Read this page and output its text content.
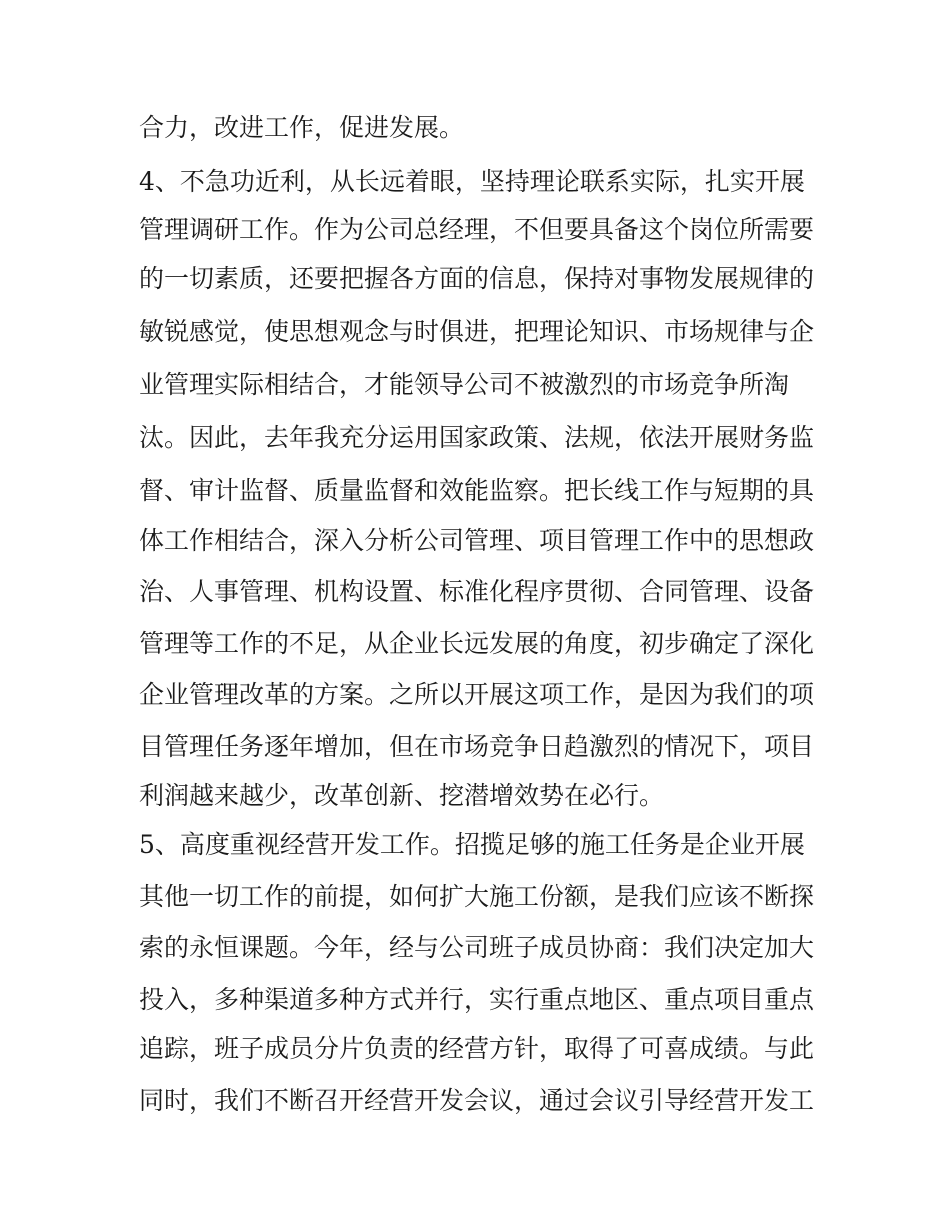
合力，改进工作，促进发展。
4、不急功近利，从长远着眼，坚持理论联系实际，扎实开展
管理调研工作。作为公司总经理，不但要具备这个岗位所需要
的一切素质，还要把握各方面的信息，保持对事物发展规律的
敏锐感觉，使思想观念与时俱进，把理论知识、市场规律与企
业管理实际相结合，才能领导公司不被激烈的市场竞争所淘
汰。因此，去年我充分运用国家政策、法规，依法开展财务监
督、审计监督、质量监督和效能监察。把长线工作与短期的具
体工作相结合，深入分析公司管理、项目管理工作中的思想政
治、人事管理、机构设置、标准化程序贯彻、合同管理、设备
管理等工作的不足，从企业长远发展的角度，初步确定了深化
企业管理改革的方案。之所以开展这项工作，是因为我们的项
目管理任务逐年增加，但在市场竞争日趋激烈的情况下，项目
利润越来越少，改革创新、挖潜增效势在必行。
5、高度重视经营开发工作。招揽足够的施工任务是企业开展
其他一切工作的前提，如何扩大施工份额，是我们应该不断探
索的永恒课题。今年，经与公司班子成员协商：我们决定加大
投入，多种渠道多种方式并行，实行重点地区、重点项目重点
追踪，班子成员分片负责的经营方针，取得了可喜成绩。与此
同时，我们不断召开经营开发会议，通过会议引导经营开发工
